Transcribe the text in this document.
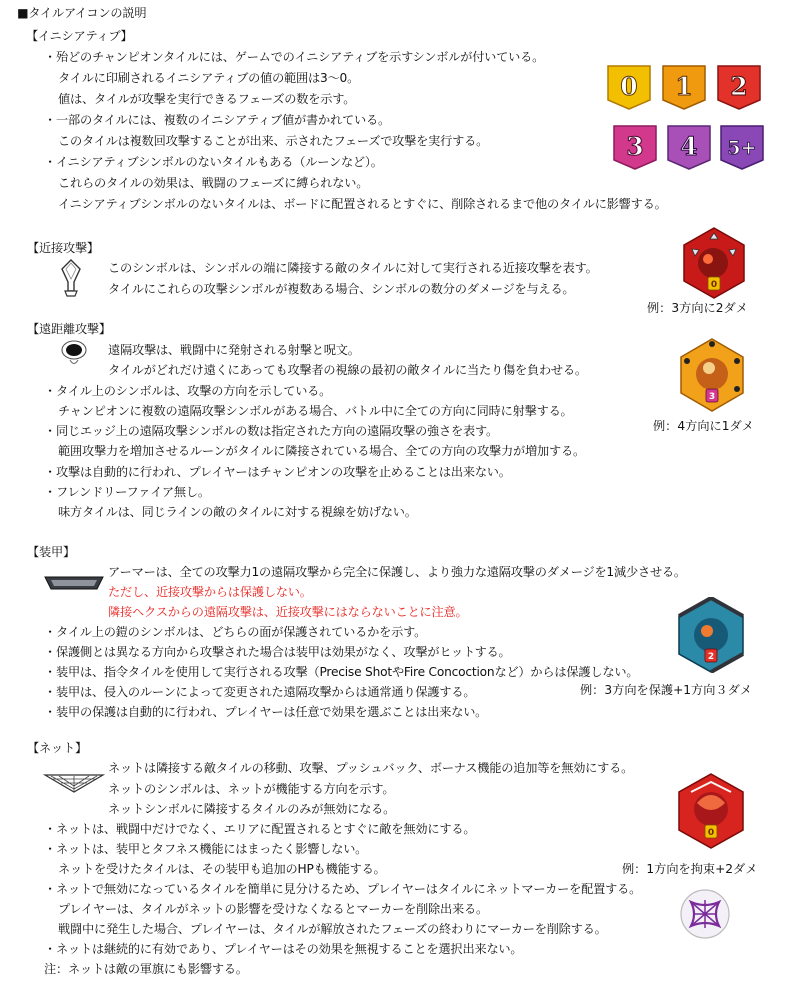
■タイルアイコンの説明
【イニシアティブ】
・殆どのチャンピオンタイルには、ゲームでのイニシアティブを示すシンボルが付いている。
タイルに印刷されるイニシアティブの値の範囲は3～0。
値は、タイルが攻撃を実行できるフェーズの数を示す。
・一部のタイルには、複数のイニシアティブ値が書かれている。
このタイルは複数回攻撃することが出来、示されたフェーズで攻撃を実行する。
・イニシアティブシンボルのないタイルもある（ルーンなど）。
これらのタイルの効果は、戦闘のフェーズに縛られない。
イニシアティブシンボルのないタイルは、ボードに配置されるとすぐに、削除されるまで他のタイルに影響する。
0 1 2
3 4 5+
【近接攻撃】
このシンボルは、シンボルの端に隣接する敵のタイルに対して実行される近接攻撃を表す。
タイルにこれらの攻撃シンボルが複数ある場合、シンボルの数分のダメージを与える。	0
例：3方向に2ダメ
【遠距離攻撃】
遠隔攻撃は、戦闘中に発射される射撃と呪文。
タイルがどれだけ遠くにあっても攻撃者の視線の最初の敵タイルに当たり傷を負わせる。
・タイル上のシンボルは、攻撃の方向を示している。
チャンピオンに複数の遠隔攻撃シンボルがある場合、バトル中に全ての方向に同時に射撃する。
・同じエッジ上の遠隔攻撃シンボルの数は指定された方向の遠隔攻撃の強さを表す。
範囲攻撃力を増加させるルーンがタイルに隣接されている場合、全ての方向の攻撃力が増加する。
・攻撃は自動的に行われ、プレイヤーはチャンピオンの攻撃を止めることは出来ない。
・フレンドリーファイア無し。
味方タイルは、同じラインの敵のタイルに対する視線を妨げない。
3
例：4方向に1ダメ
【装甲】
アーマーは、全ての攻撃力1の遠隔攻撃から完全に保護し、より強力な遠隔攻撃のダメージを1減少させる。
ただし、近接攻撃からは保護しない。
隣接ヘクスからの遠隔攻撃は、近接攻撃にはならないことに注意。
・タイル上の鎧のシンボルは、どちらの面が保護されているかを示す。
・保護側とは異なる方向から攻撃された場合は装甲は効果がなく、攻撃がヒットする。
・装甲は、指令タイルを使用して実行される攻撃（Precise ShotやFire Concoctionなど）からは保護しない。
・装甲は、侵入のルーンによって変更された遠隔攻撃からは通常通り保護する。
・装甲の保護は自動的に行われ、プレイヤーは任意で効果を選ぶことは出来ない。
2
例：3方向を保護+1方向３ダメ
【ネット】
ネットは隣接する敵タイルの移動、攻撃、プッシュバック、ボーナス機能の追加等を無効にする。
ネットのシンボルは、ネットが機能する方向を示す。
ネットシンボルに隣接するタイルのみが無効になる。
・ネットは、戦闘中だけでなく、エリアに配置されるとすぐに敵を無効にする。
・ネットは、装甲とタフネス機能にはまったく影響しない。
ネットを受けたタイルは、その装甲も追加のHPも機能する。
・ネットで無効になっているタイルを簡単に見分けるため、プレイヤーはタイルにネットマーカーを配置する。
プレイヤーは、タイルがネットの影響を受けなくなるとマーカーを削除出来る。
戦闘中に発生した場合、プレイヤーは、タイルが解放されたフェーズの終わりにマーカーを削除する。
・ネットは継続的に有効であり、プレイヤーはその効果を無視することを選択出来ない。
注：ネットは敵の軍旗にも影響する。
0
例：1方向を拘束+2ダメ
